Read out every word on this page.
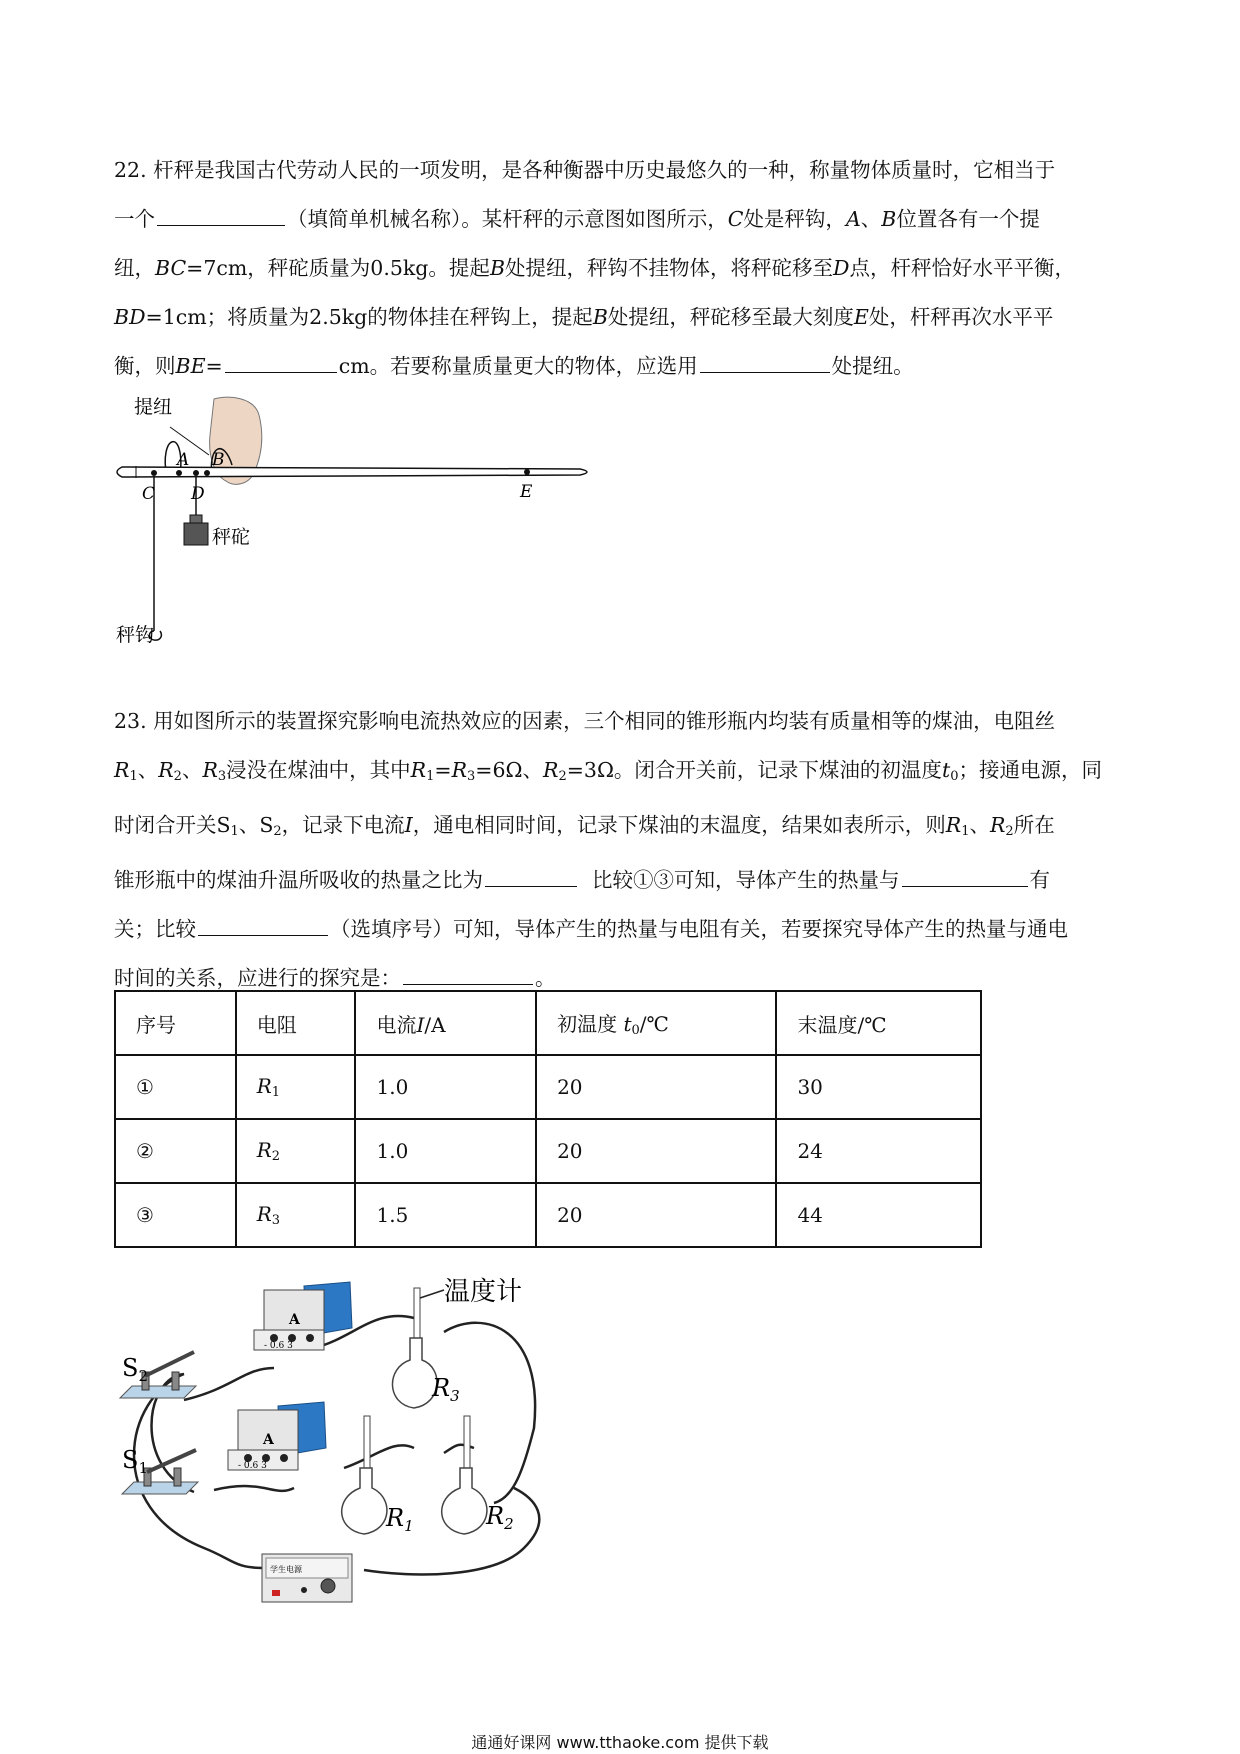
22. 杆秤是我国古代劳动人民的一项发明，是各种衡器中历史最悠久的一种，称量物体质量时，它相当于

一个	（填简单机械名称）。某杆秤的示意图如图所示，C处是秤钩，A、B位置各有一个提

纽，BC=7cm，秤砣质量为0.5kg。提起B处提纽，秤钩不挂物体，将秤砣移至D点，杆秤恰好水平平衡，

BD=1cm；将质量为2.5kg的物体挂在秤钩上，提起B处提纽，秤砣移至最大刻度E处，杆秤再次水平平

衡，则BE=	cm。若要称量质量更大的物体，应选用	处提纽。

提纽
A B
C D	E
秤砣
秤钩

23. 用如图所示的装置探究影响电流热效应的因素，三个相同的锥形瓶内均装有质量相等的煤油，电阻丝

$R_1$、$R_2$、$R_3$浸没在煤油中，其中$R_1=R_3=6\Omega$、$R_2=3\Omega$。闭合开关前，记录下煤油的初温度$t_0$；接通电源，同

时闭合开关$S_1$、$S_2$，记录下电流I，通电相同时间，记录下煤油的末温度，结果如表所示，则$R_1$、$R_2$所在

锥形瓶中的煤油升温所吸收的热量之比为	比较①③可知，导体产生的热量与	有

关；比较	（选填序号）可知，导体产生的热量与电阻有关，若要探究导体产生的热量与通电

时间的关系，应进行的探究是：	。

序号	电阻	电流I/A	初温度 $t_0/℃$	末温度/℃
①	$R_1$	1.0	20	30
②	$R_2$	1.0	20	24
③	$R_3$	1.5	20	44
温度计
$S_2$
$S_1$
A
A
- 0.6 3
- 0.6 3
$R_3$
$R_1$	$R_2$
学生电源
通通好课网 www.tthaoke.com 提供下载
